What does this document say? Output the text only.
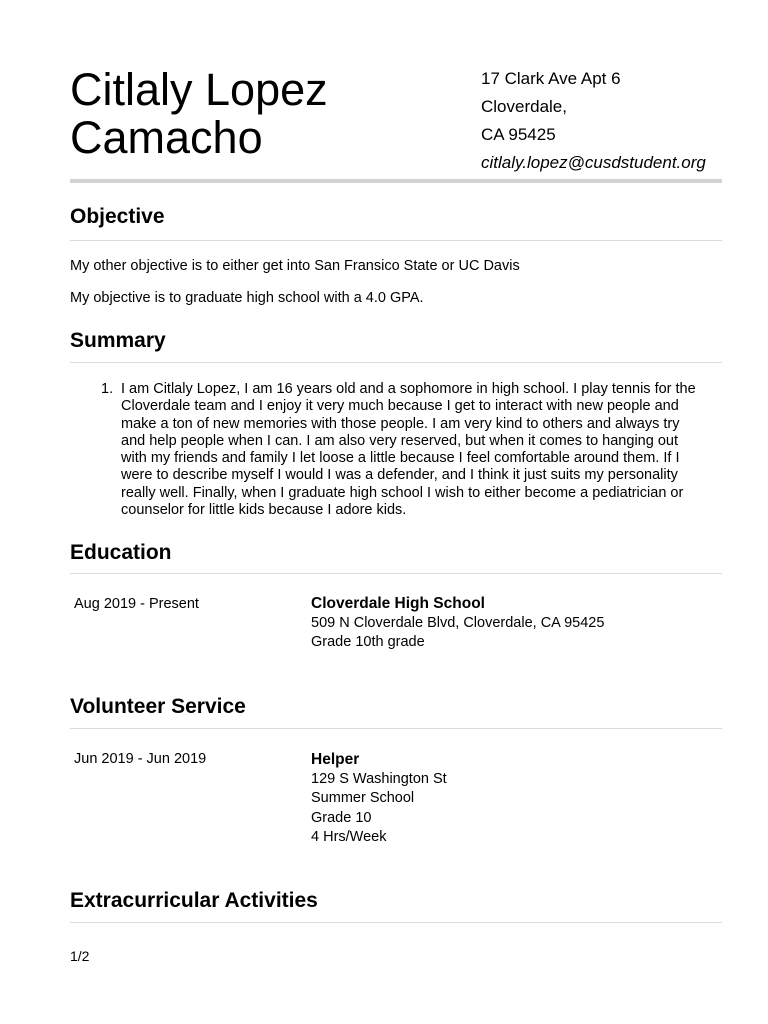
Citlaly Lopez
Camacho
17 Clark Ave Apt 6
Cloverdale,
CA 95425
citlaly.lopez@cusdstudent.org
Objective
My other objective is to either get into San Fransico State or UC Davis
My objective is to graduate high school with a 4.0 GPA.
Summary
1. I am Citlaly Lopez, I am 16 years old and a sophomore in high school. I play tennis for the
Cloverdale team and I enjoy it very much because I get to interact with new people and
make a ton of new memories with those people. I am very kind to others and always try
and help people when I can. I am also very reserved, but when it comes to hanging out
with my friends and family I let loose a little because I feel comfortable around them. If I
were to describe myself I would I was a defender, and I think it just suits my personality
really well. Finally, when I graduate high school I wish to either become a pediatrician or
counselor for little kids because I adore kids.
Education
Aug 2019 - Present	Cloverdale High School
509 N Cloverdale Blvd, Cloverdale, CA 95425
Grade 10th grade
Volunteer Service
Jun 2019 - Jun 2019	Helper
129 S Washington St
Summer School
Grade 10
4 Hrs/Week
Extracurricular Activities
1/2
